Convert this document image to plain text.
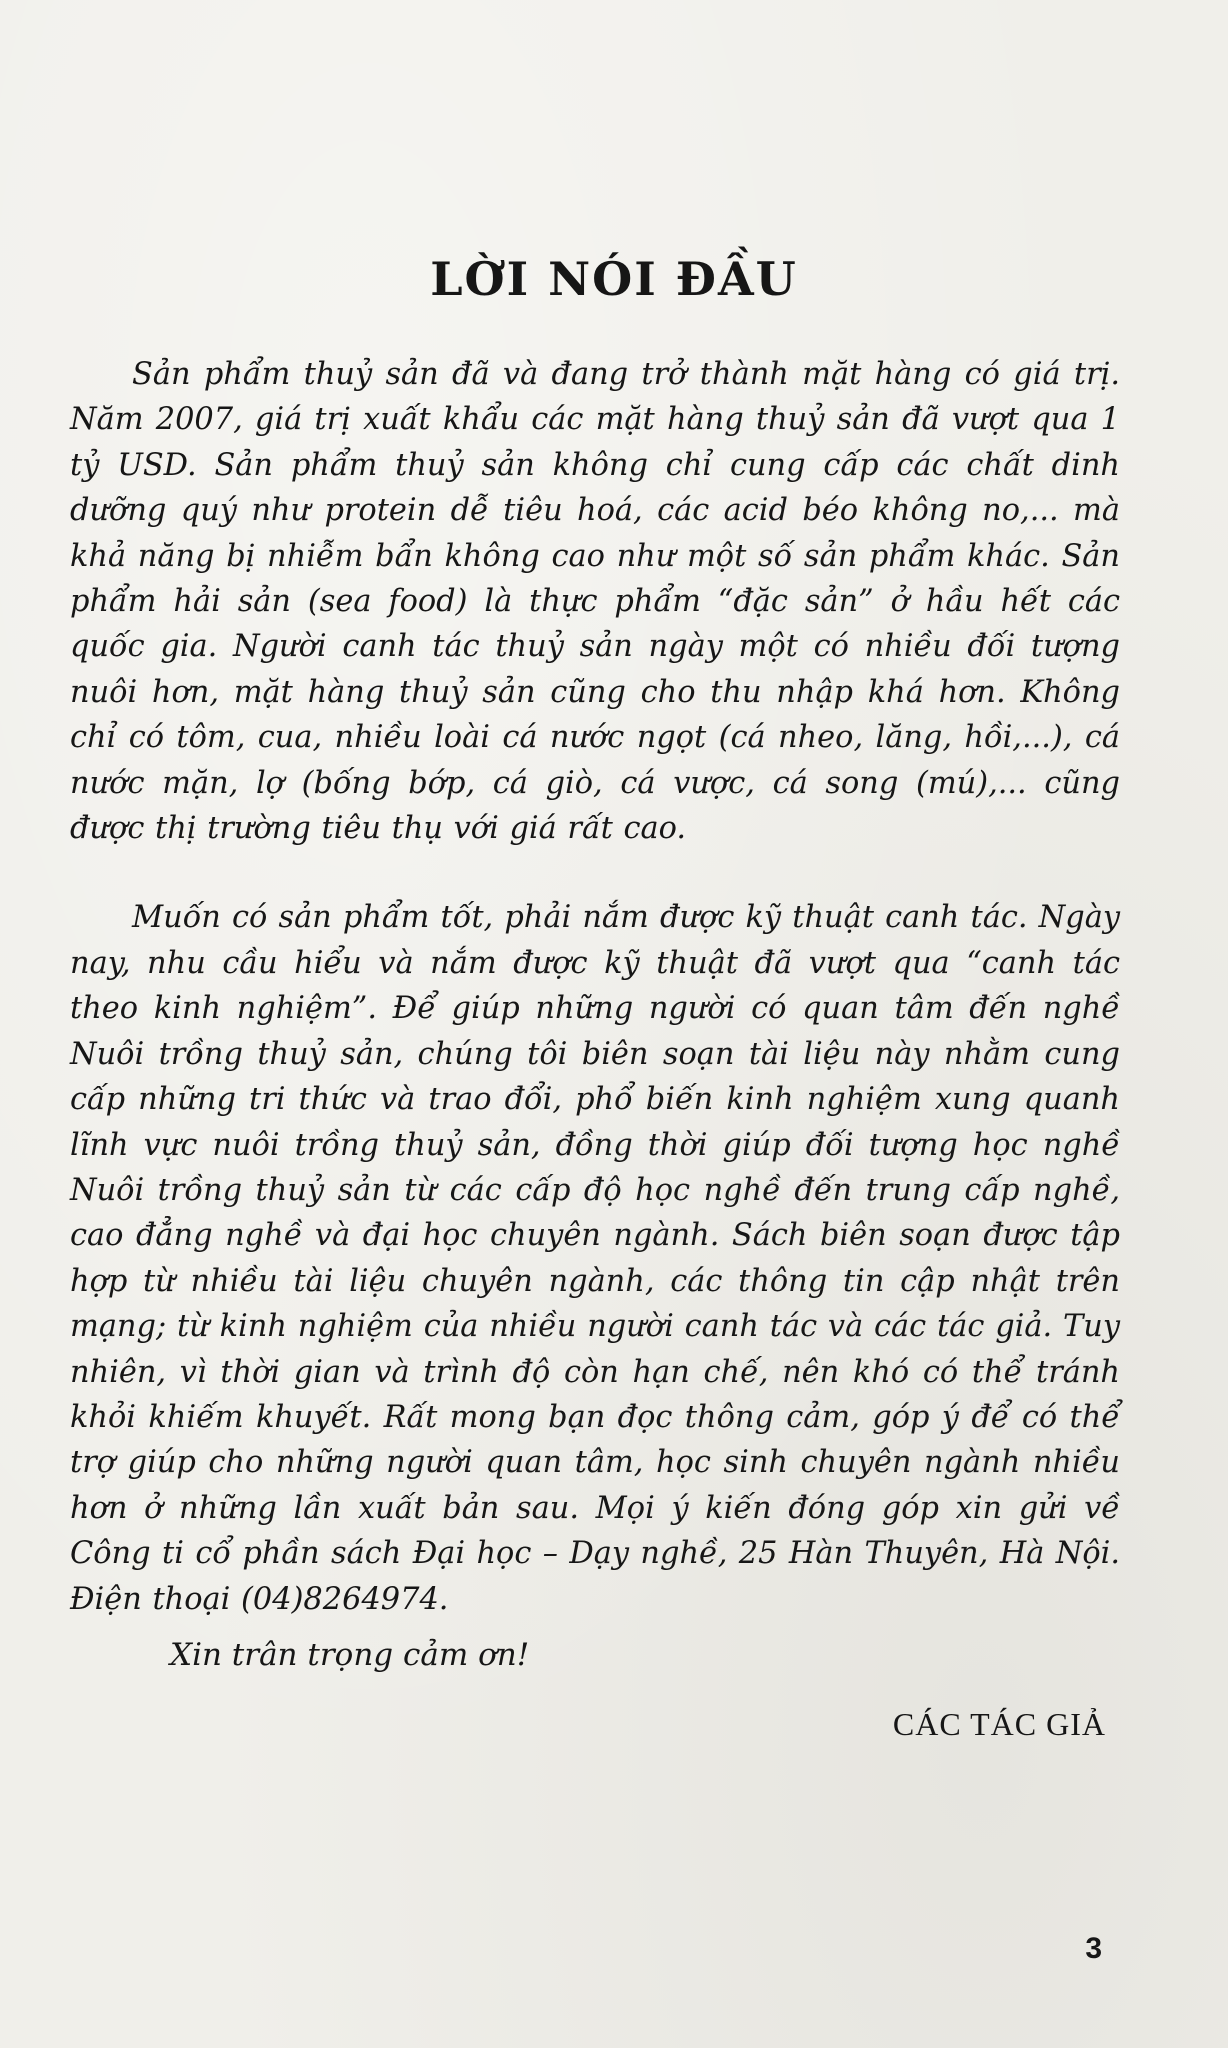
LỜI NÓI ĐẦU

Sản phẩm thuỷ sản đã và đang trở thành mặt hàng có giá trị. Năm 2007, giá trị xuất khẩu các mặt hàng thuỷ sản đã vượt qua 1 tỷ USD. Sản phẩm thuỷ sản không chỉ cung cấp các chất dinh dưỡng quý như protein dễ tiêu hoá, các acid béo không no,... mà khả năng bị nhiễm bẩn không cao như một số sản phẩm khác. Sản phẩm hải sản (sea food) là thực phẩm “đặc sản” ở hầu hết các quốc gia. Người canh tác thuỷ sản ngày một có nhiều đối tượng nuôi hơn, mặt hàng thuỷ sản cũng cho thu nhập khá hơn. Không chỉ có tôm, cua, nhiều loài cá nước ngọt (cá nheo, lăng, hồi,...), cá nước mặn, lợ (bống bớp, cá giò, cá vược, cá song (mú),... cũng được thị trường tiêu thụ với giá rất cao.

Muốn có sản phẩm tốt, phải nắm được kỹ thuật canh tác. Ngày nay, nhu cầu hiểu và nắm được kỹ thuật đã vượt qua “canh tác theo kinh nghiệm”. Để giúp những người có quan tâm đến nghề Nuôi trồng thuỷ sản, chúng tôi biên soạn tài liệu này nhằm cung cấp những tri thức và trao đổi, phổ biến kinh nghiệm xung quanh lĩnh vực nuôi trồng thuỷ sản, đồng thời giúp đối tượng học nghề Nuôi trồng thuỷ sản từ các cấp độ học nghề đến trung cấp nghề, cao đẳng nghề và đại học chuyên ngành. Sách biên soạn được tập hợp từ nhiều tài liệu chuyên ngành, các thông tin cập nhật trên mạng; từ kinh nghiệm của nhiều người canh tác và các tác giả. Tuy nhiên, vì thời gian và trình độ còn hạn chế, nên khó có thể tránh khỏi khiếm khuyết. Rất mong bạn đọc thông cảm, góp ý để có thể trợ giúp cho những người quan tâm, học sinh chuyên ngành nhiều hơn ở những lần xuất bản sau. Mọi ý kiến đóng góp xin gửi về Công ti cổ phần sách Đại học – Dạy nghề, 25 Hàn Thuyên, Hà Nội. Điện thoại (04)8264974.

Xin trân trọng cảm ơn!

CÁC TÁC GIẢ

3
